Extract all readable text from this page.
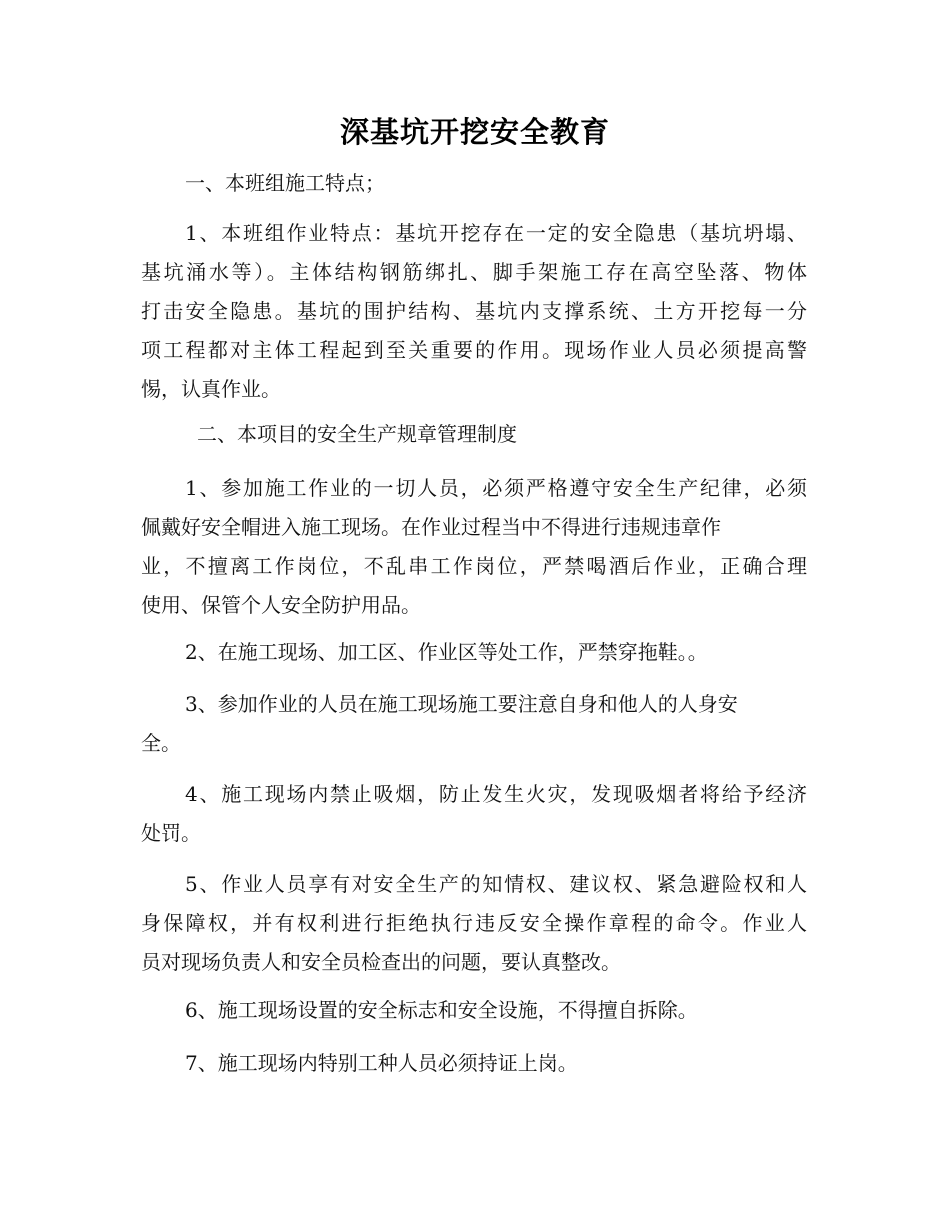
深基坑开挖安全教育
一、本班组施工特点；
1、本班组作业特点：基坑开挖存在一定的安全隐患（基坑坍塌、
基坑涌水等）。主体结构钢筋绑扎、脚手架施工存在高空坠落、物体
打击安全隐患。基坑的围护结构、基坑内支撑系统、土方开挖每一分
项工程都对主体工程起到至关重要的作用。现场作业人员必须提高警
惕，认真作业。
二、本项目的安全生产规章管理制度
1、参加施工作业的一切人员，必须严格遵守安全生产纪律，必须
佩戴好安全帽进入施工现场。在作业过程当中不得进行违规违章作
业，不擅离工作岗位，不乱串工作岗位，严禁喝酒后作业，正确合理
使用、保管个人安全防护用品。
2、在施工现场、加工区、作业区等处工作，严禁穿拖鞋。。
3、参加作业的人员在施工现场施工要注意自身和他人的人身安
全。
4、施工现场内禁止吸烟，防止发生火灾，发现吸烟者将给予经济
处罚。
5、作业人员享有对安全生产的知情权、建议权、紧急避险权和人
身保障权，并有权利进行拒绝执行违反安全操作章程的命令。作业人
员对现场负责人和安全员检查出的问题，要认真整改。
6、施工现场设置的安全标志和安全设施，不得擅自拆除。
7、施工现场内特别工种人员必须持证上岗。
